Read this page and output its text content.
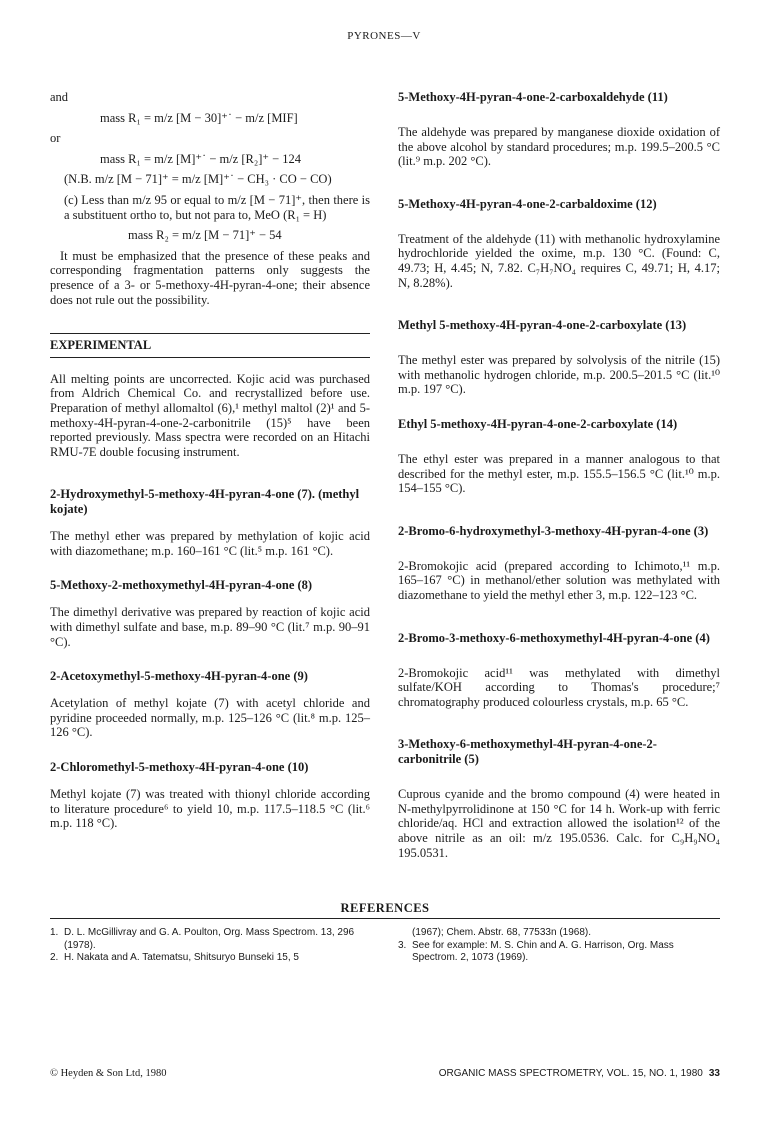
PYRONES—V

and

mass R₁ = m/z [M − 30]⁺˙ − m/z [MIF]

or

mass R₁ = m/z [M]⁺˙ − m/z [R₂]⁺ − 124

(N.B. m/z [M − 71]⁺ = m/z [M]⁺˙ − CH₃ · CO − CO)

(c) Less than m/z 95 or equal to m/z [M − 71]⁺, then there is a substituent ortho to, but not para to, MeO (R₁ = H)

mass R₂ = m/z [M − 71]⁺ − 54

It must be emphasized that the presence of these peaks and corresponding fragmentation patterns only suggests the presence of a 3- or 5-methoxy-4H-pyran-4-one; their absence does not rule out the possibility.

EXPERIMENTAL

All melting points are uncorrected. Kojic acid was purchased from Aldrich Chemical Co. and recrystallized before use. Preparation of methyl allomaltol (6),¹ methyl maltol (2)¹ and 5-methoxy-4H-pyran-4-one-2-carbonitrile (15)⁵ have been reported previously. Mass spectra were recorded on an Hitachi RMU-7E double focusing instrument.

2-Hydroxymethyl-5-methoxy-4H-pyran-4-one (7). (methyl kojate)

The methyl ether was prepared by methylation of kojic acid with diazomethane; m.p. 160–161 °C (lit.⁵ m.p. 161 °C).

5-Methoxy-2-methoxymethyl-4H-pyran-4-one (8)

The dimethyl derivative was prepared by reaction of kojic acid with dimethyl sulfate and base, m.p. 89–90 °C (lit.⁷ m.p. 90–91 °C).

2-Acetoxymethyl-5-methoxy-4H-pyran-4-one (9)

Acetylation of methyl kojate (7) with acetyl chloride and pyridine proceeded normally, m.p. 125–126 °C (lit.⁸ m.p. 125–126 °C).

2-Chloromethyl-5-methoxy-4H-pyran-4-one (10)

Methyl kojate (7) was treated with thionyl chloride according to literature procedure⁶ to yield 10, m.p. 117.5–118.5 °C (lit.⁶ m.p. 118 °C).

5-Methoxy-4H-pyran-4-one-2-carboxaldehyde (11)

The aldehyde was prepared by manganese dioxide oxidation of the above alcohol by standard procedures; m.p. 199.5–200.5 °C (lit.⁹ m.p. 202 °C).

5-Methoxy-4H-pyran-4-one-2-carbaldoxime (12)

Treatment of the aldehyde (11) with methanolic hydroxylamine hydrochloride yielded the oxime, m.p. 130 °C. (Found: C, 49.73; H, 4.45; N, 7.82. C₇H₇NO₄ requires C, 49.71; H, 4.17; N, 8.28%).

Methyl 5-methoxy-4H-pyran-4-one-2-carboxylate (13)

The methyl ester was prepared by solvolysis of the nitrile (15) with methanolic hydrogen chloride, m.p. 200.5–201.5 °C (lit.¹⁰ m.p. 197 °C).

Ethyl 5-methoxy-4H-pyran-4-one-2-carboxylate (14)

The ethyl ester was prepared in a manner analogous to that described for the methyl ester, m.p. 155.5–156.5 °C (lit.¹⁰ m.p. 154–155 °C).

2-Bromo-6-hydroxymethyl-3-methoxy-4H-pyran-4-one (3)

2-Bromokojic acid (prepared according to Ichimoto,¹¹ m.p. 165–167 °C) in methanol/ether solution was methylated with diazomethane to yield the methyl ether 3, m.p. 122–123 °C.

2-Bromo-3-methoxy-6-methoxymethyl-4H-pyran-4-one (4)

2-Bromokojic acid¹¹ was methylated with dimethyl sulfate/KOH according to Thomas's procedure;⁷ chromatography produced colourless crystals, m.p. 65 °C.

3-Methoxy-6-methoxymethyl-4H-pyran-4-one-2-carbonitrile (5)

Cuprous cyanide and the bromo compound (4) were heated in N-methylpyrrolidinone at 150 °C for 14 h. Work-up with ferric chloride/aq. HCl and extraction allowed the isolation¹² of the above nitrile as an oil: m/z 195.0536. Calc. for C₉H₉NO₄ 195.0531.

REFERENCES
1. D. L. McGillivray and G. A. Poulton, Org. Mass Spectrom. 13, 296 (1978).
2. H. Nakata and A. Tatematsu, Shitsuryo Bunseki 15, 5
(1967); Chem. Abstr. 68, 77533n (1968).
3. See for example: M. S. Chin and A. G. Harrison, Org. Mass Spectrom. 2, 1073 (1969).
© Heyden & Son Ltd, 1980	ORGANIC MASS SPECTROMETRY, VOL. 15, NO. 1, 1980 33
